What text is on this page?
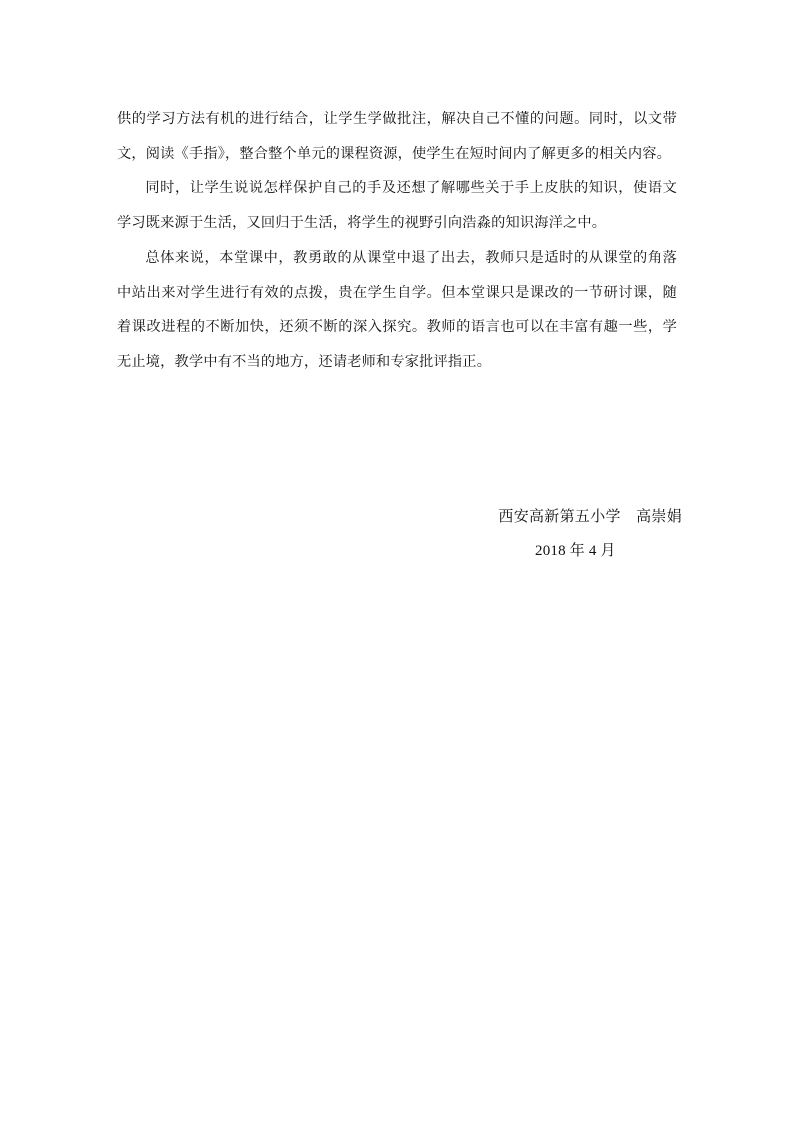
供的学习方法有机的进行结合，让学生学做批注，解决自己不懂的问题。同时，以文带文，阅读《手指》，整合整个单元的课程资源，使学生在短时间内了解更多的相关内容。

同时，让学生说说怎样保护自己的手及还想了解哪些关于手上皮肤的知识，使语文学习既来源于生活，又回归于生活，将学生的视野引向浩淼的知识海洋之中。

总体来说，本堂课中，教勇敢的从课堂中退了出去，教师只是适时的从课堂的角落中站出来对学生进行有效的点拨，贵在学生自学。但本堂课只是课改的一节研讨课，随着课改进程的不断加快，还须不断的深入探究。教师的语言也可以在丰富有趣一些，学无止境，教学中有不当的地方，还请老师和专家批评指正。

西安高新第五小学　高崇娟
2018 年 4 月
